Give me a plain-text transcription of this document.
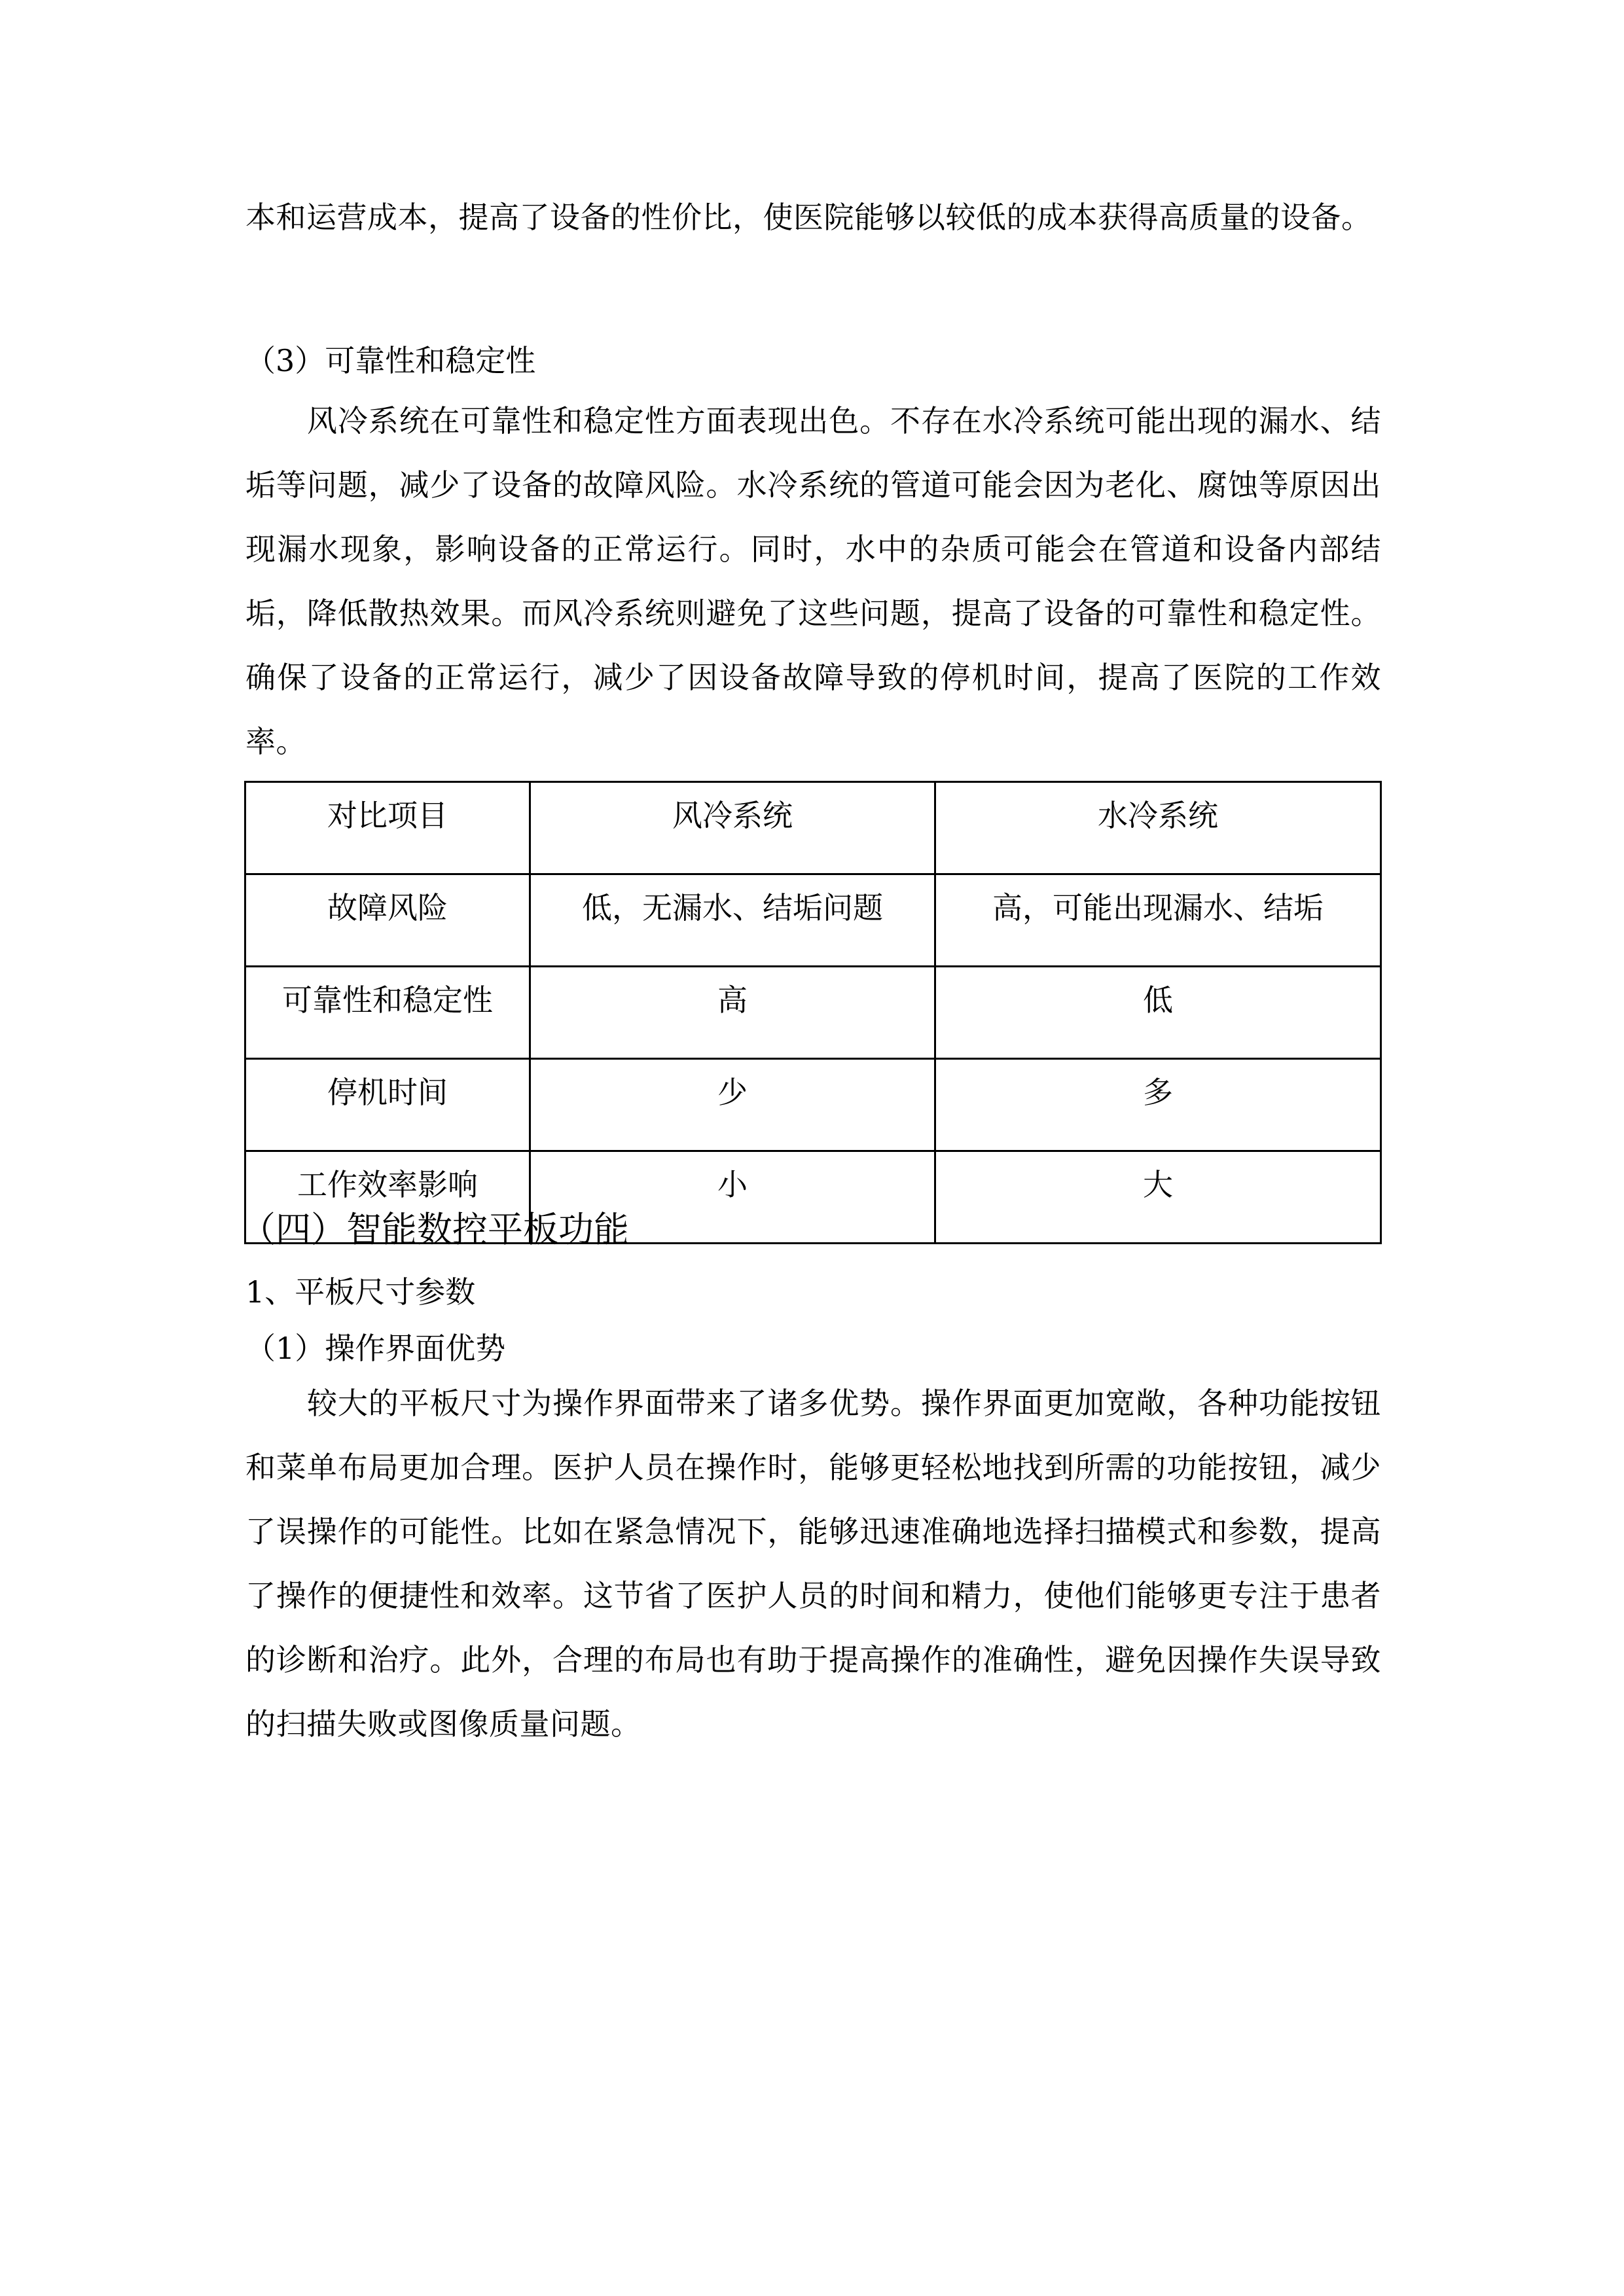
本和运营成本，提高了设备的性价比，使医院能够以较低的成本获得高质量的设备。

（3）可靠性和稳定性

风冷系统在可靠性和稳定性方面表现出色。不存在水冷系统可能出现的漏水、结垢等问题，减少了设备的故障风险。水冷系统的管道可能会因为老化、腐蚀等原因出现漏水现象，影响设备的正常运行。同时，水中的杂质可能会在管道和设备内部结垢，降低散热效果。而风冷系统则避免了这些问题，提高了设备的可靠性和稳定性。确保了设备的正常运行，减少了因设备故障导致的停机时间，提高了医院的工作效率。

对比项目	风冷系统	水冷系统
故障风险	低，无漏水、结垢问题	高，可能出现漏水、结垢
可靠性和稳定性	高	低
停机时间	少	多
工作效率影响	小	大
（四）智能数控平板功能

1、平板尺寸参数

（1）操作界面优势

较大的平板尺寸为操作界面带来了诸多优势。操作界面更加宽敞，各种功能按钮和菜单布局更加合理。医护人员在操作时，能够更轻松地找到所需的功能按钮，减少了误操作的可能性。比如在紧急情况下，能够迅速准确地选择扫描模式和参数，提高了操作的便捷性和效率。这节省了医护人员的时间和精力，使他们能够更专注于患者的诊断和治疗。此外，合理的布局也有助于提高操作的准确性，避免因操作失误导致的扫描失败或图像质量问题。
